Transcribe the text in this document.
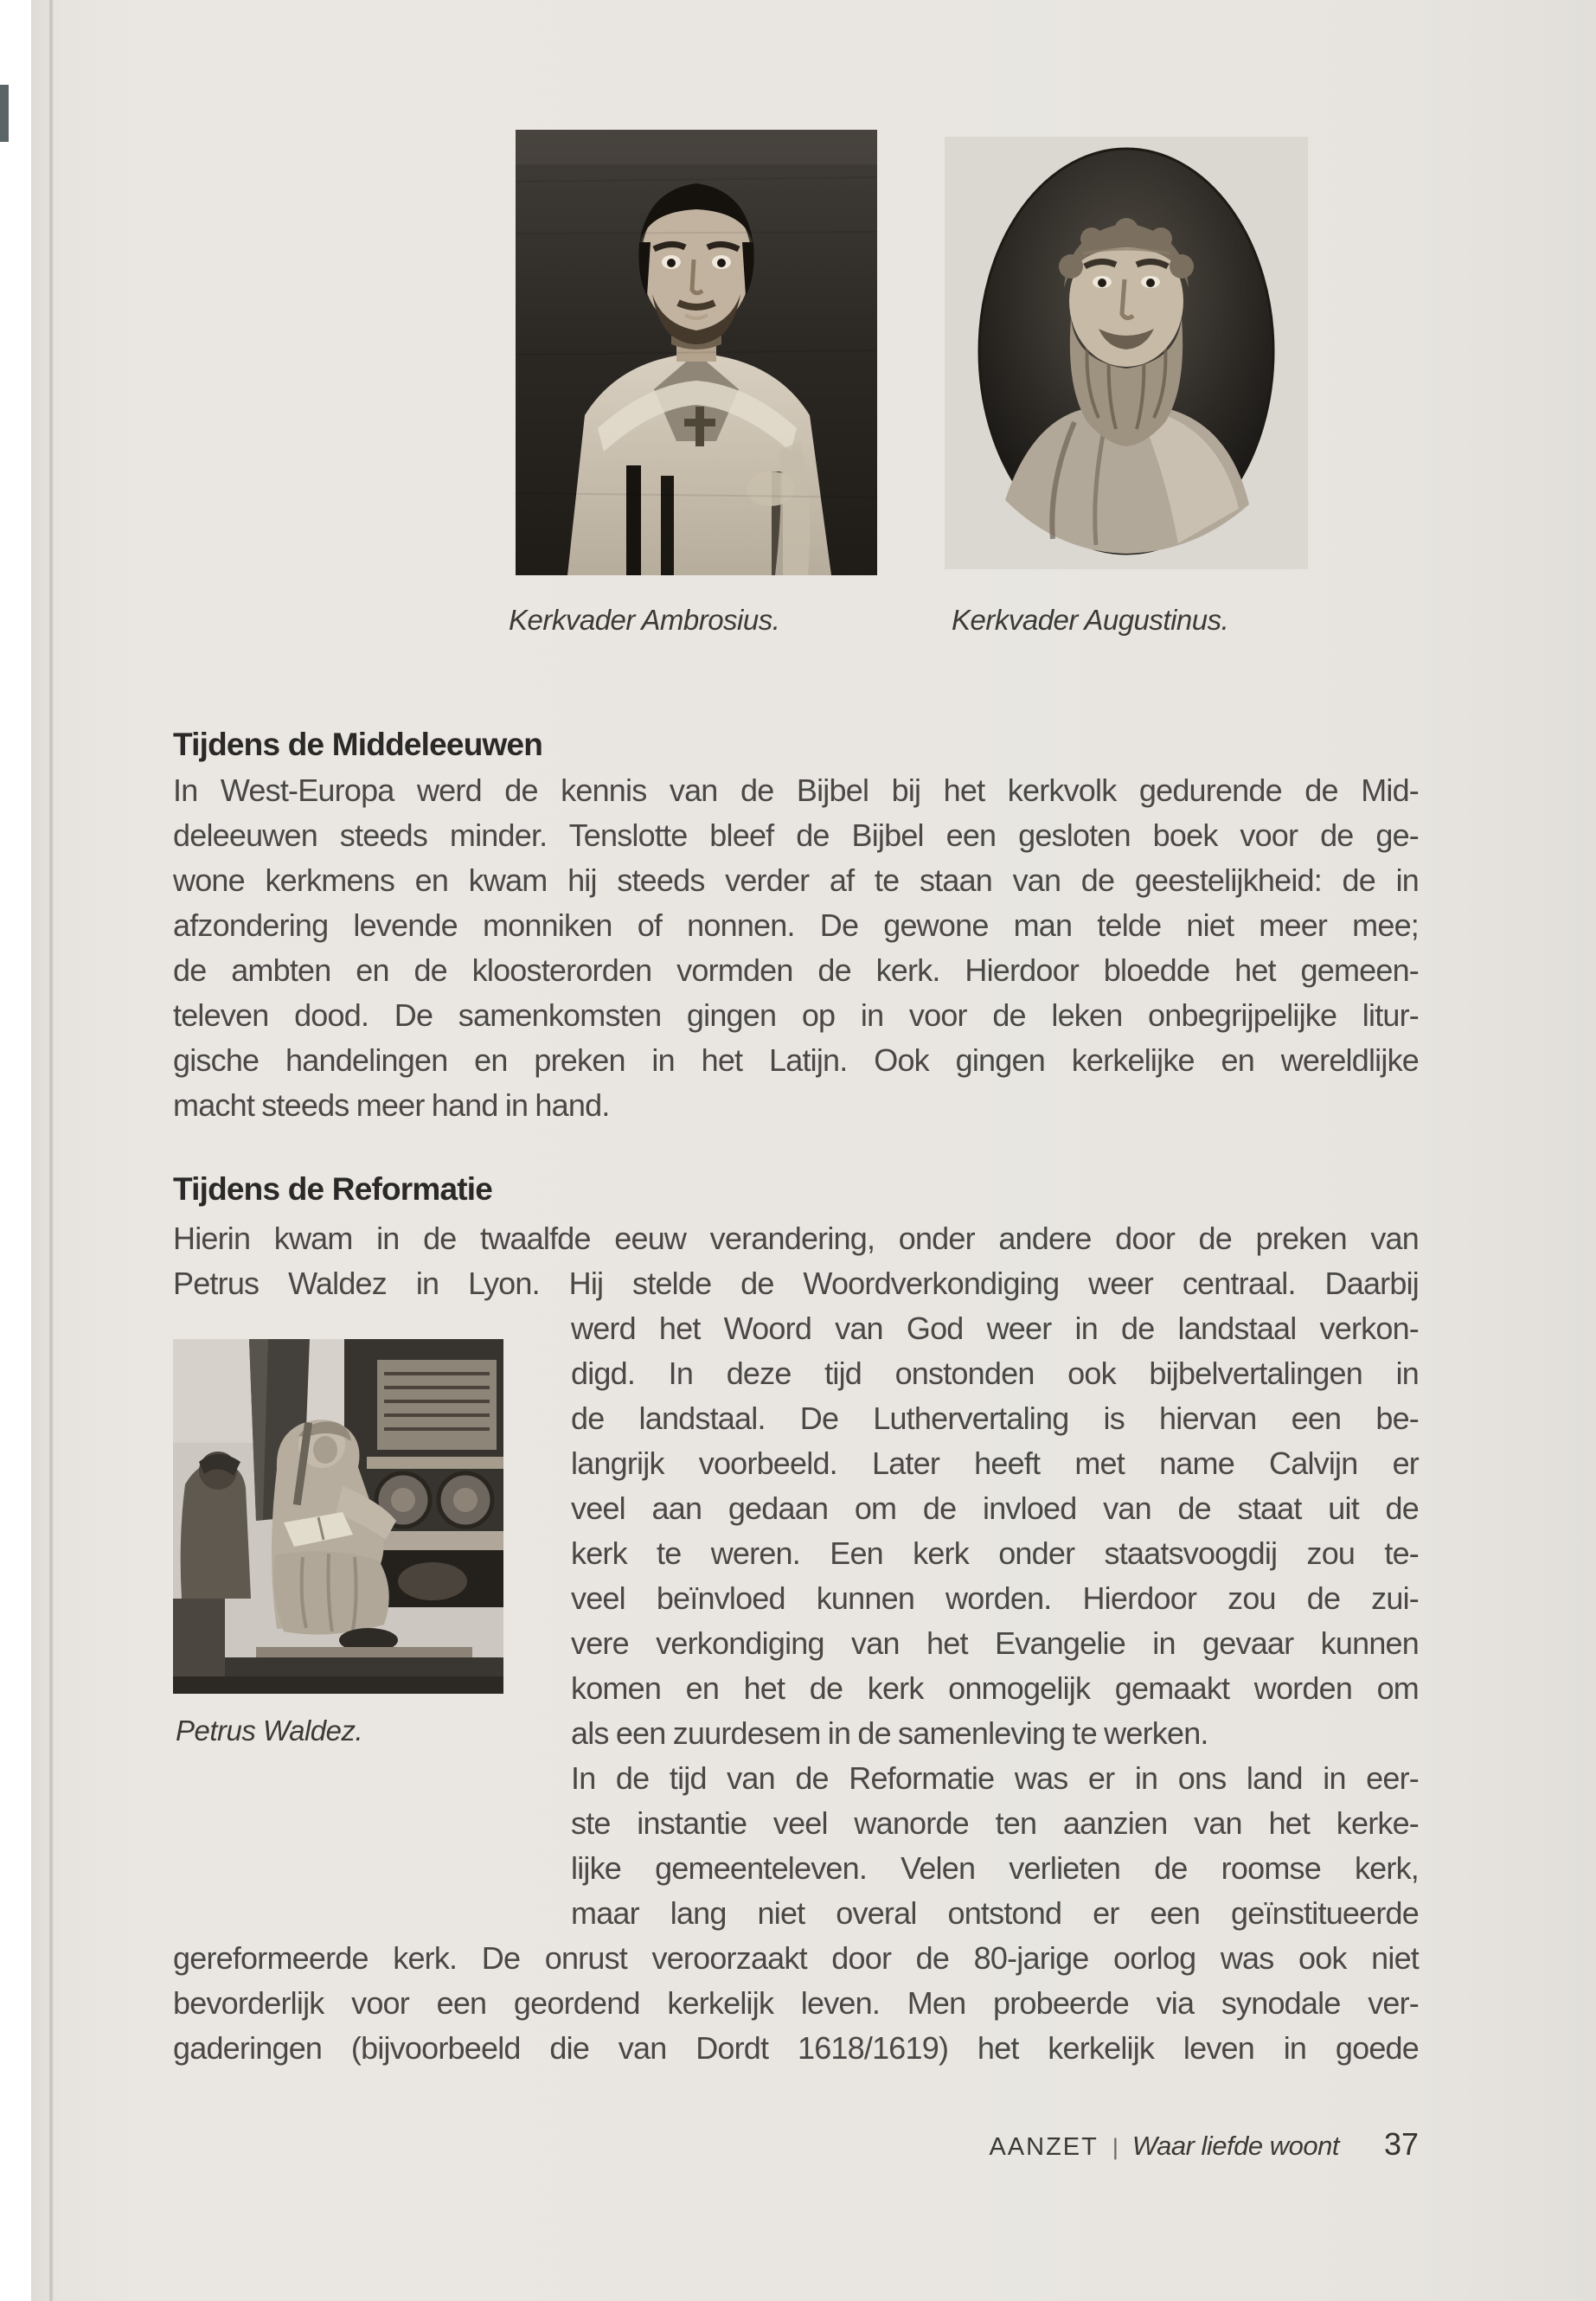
Kerkvader Ambrosius.	Kerkvader Augustinus.
Tijdens de Middeleeuwen
In West-Europa werd de kennis van de Bijbel bij het kerkvolk gedurende de Mid-
deleeuwen steeds minder. Tenslotte bleef de Bijbel een gesloten boek voor de ge-
wone kerkmens en kwam hij steeds verder af te staan van de geestelijkheid: de in
afzondering levende monniken of nonnen. De gewone man telde niet meer mee;
de ambten en de kloosterorden vormden de kerk. Hierdoor bloedde het gemeen-
televen dood. De samenkomsten gingen op in voor de leken onbegrijpelijke litur-
gische handelingen en preken in het Latijn. Ook gingen kerkelijke en wereldlijke
macht steeds meer hand in hand.
Tijdens de Reformatie
Hierin kwam in de twaalfde eeuw verandering, onder andere door de preken van
Petrus Waldez in Lyon. Hij stelde de Woordverkondiging weer centraal. Daarbij
Petrus Waldez.
werd het Woord van God weer in de landstaal verkon-
digd. In deze tijd onstonden ook bijbelvertalingen in
de landstaal. De Luthervertaling is hiervan een be-
langrijk voorbeeld. Later heeft met name Calvijn er
veel aan gedaan om de invloed van de staat uit de
kerk te weren. Een kerk onder staatsvoogdij zou te-
veel beïnvloed kunnen worden. Hierdoor zou de zui-
vere verkondiging van het Evangelie in gevaar kunnen
komen en het de kerk onmogelijk gemaakt worden om
als een zuurdesem in de samenleving te werken.
In de tijd van de Reformatie was er in ons land in eer-
ste instantie veel wanorde ten aanzien van het kerke-
lijke gemeenteleven. Velen verlieten de roomse kerk,
maar lang niet overal ontstond er een geïnstitueerde
gereformeerde kerk. De onrust veroorzaakt door de 80-jarige oorlog was ook niet
bevorderlijk voor een geordend kerkelijk leven. Men probeerde via synodale ver-
gaderingen (bijvoorbeeld die van Dordt 1618/1619) het kerkelijk leven in goede
AANZET | Waar liefde woont 37
